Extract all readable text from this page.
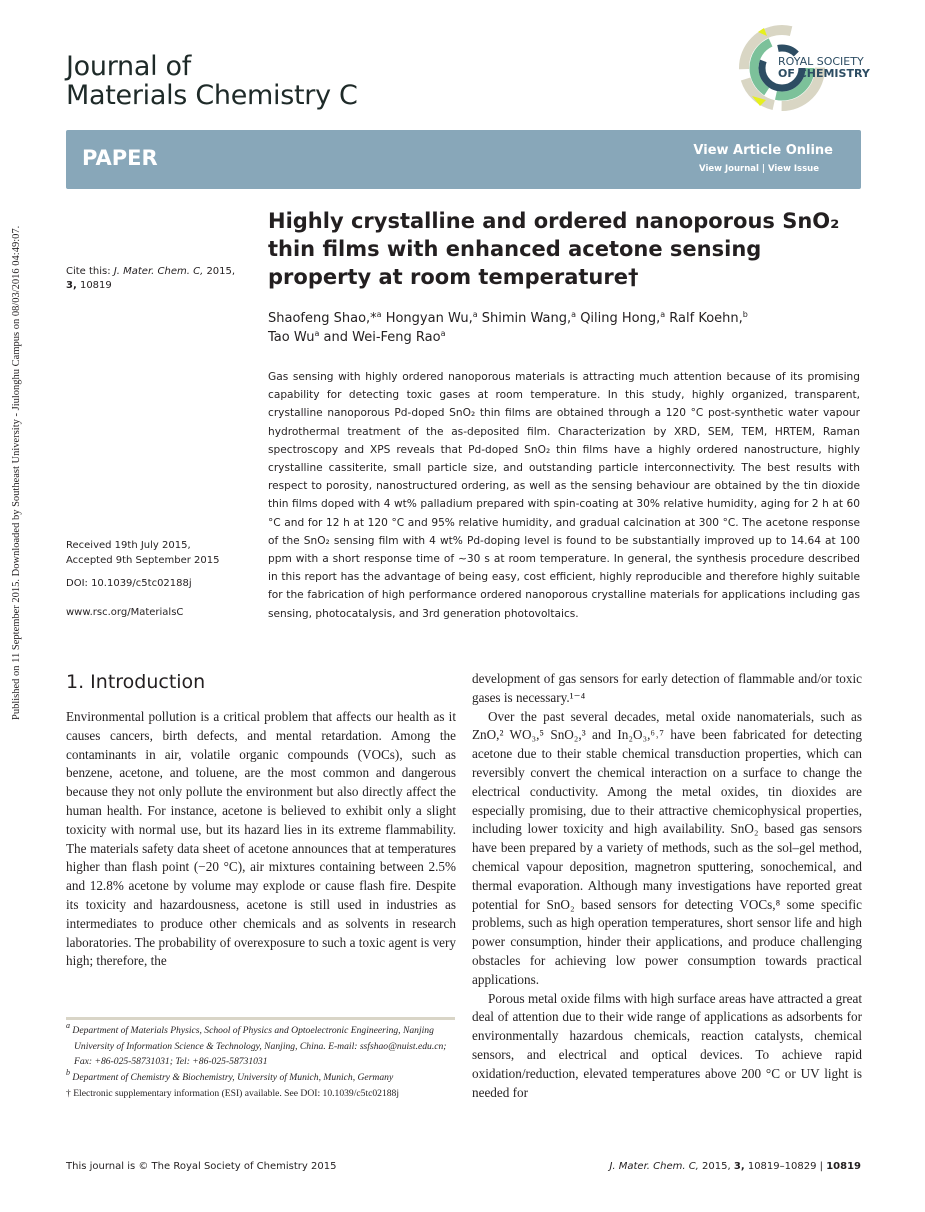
Published on 11 September 2015. Downloaded by Southeast University - Jiulonghu Campus on 08/03/2016 04:49:07.
Journal of
Materials Chemistry C
ROYAL SOCIETY
OF CHEMISTRY
PAPER	View Article Online
View Journal | View Issue
Cite this: J. Mater. Chem. C, 2015,
3, 10819
Received 19th July 2015,
Accepted 9th September 2015
DOI: 10.1039/c5tc02188j
www.rsc.org/MaterialsC
Highly crystalline and ordered nanoporous SnO₂ thin films with enhanced acetone sensing property at room temperature†
Shaofeng Shao,*$^a$ Hongyan Wu,$^a$ Shimin Wang,$^a$ Qiling Hong,$^a$ Ralf Koehn,$^b$
Tao Wu$^a$ and Wei-Feng Rao$^a$
Gas sensing with highly ordered nanoporous materials is attracting much attention because of its promising capability for detecting toxic gases at room temperature. In this study, highly organized, transparent, crystalline nanoporous Pd-doped SnO₂ thin films are obtained through a 120 °C post-synthetic water vapour hydrothermal treatment of the as-deposited film. Characterization by XRD, SEM, TEM, HRTEM, Raman spectroscopy and XPS reveals that Pd-doped SnO₂ thin films have a highly ordered nanostructure, highly crystalline cassiterite, small particle size, and outstanding particle interconnectivity. The best results with respect to porosity, nanostructured ordering, as well as the sensing behaviour are obtained by the tin dioxide thin films doped with 4 wt% palladium prepared with spin-coating at 30% relative humidity, aging for 2 h at 60 °C and for 12 h at 120 °C and 95% relative humidity, and gradual calcination at 300 °C. The acetone response of the SnO₂ sensing film with 4 wt% Pd-doping level is found to be substantially improved up to 14.64 at 100 ppm with a short response time of ∼30 s at room temperature. In general, the synthesis procedure described in this report has the advantage of being easy, cost efficient, highly reproducible and therefore highly suitable for the fabrication of high performance ordered nanoporous crystalline materials for applications including gas sensing, photocatalysis, and 3rd generation photovoltaics.
1. Introduction

Environmental pollution is a critical problem that affects our health as it causes cancers, birth defects, and mental retardation. Among the contaminants in air, volatile organic compounds (VOCs), such as benzene, acetone, and toluene, are the most common and dangerous because they not only pollute the environment but also directly affect the human health. For instance, acetone is believed to exhibit only a slight toxicity with normal use, but its hazard lies in its extreme flammability. The materials safety data sheet of acetone announces that at temperatures higher than flash point (−20 °C), air mixtures containing between 2.5% and 12.8% acetone by volume may explode or cause flash fire. Despite its toxicity and hazardousness, acetone is still used in industries as intermediates to produce other chemicals and as solvents in research laboratories. The probability of overexposure to such a toxic agent is very high; therefore, the

development of gas sensors for early detection of flammable and/or toxic gases is necessary.¹⁻⁴

Over the past several decades, metal oxide nanomaterials, such as ZnO,² WO₃,⁵ SnO₂,³ and In₂O₃,⁶˒⁷ have been fabricated for detecting acetone due to their stable chemical transduction properties, which can reversibly convert the chemical interaction on a surface to change the electrical conductivity. Among the metal oxides, tin dioxides are especially promising, due to their attractive chemicophysical properties, including lower toxicity and high availability. SnO₂ based gas sensors have been prepared by a variety of methods, such as the sol–gel method, chemical vapour deposition, magnetron sputtering, sonochemical, and thermal evaporation. Although many investigations have reported great potential for SnO₂ based sensors for detecting VOCs,⁸ some specific problems, such as high operation temperatures, short sensor life and high power consumption, hinder their applications, and produce challenging obstacles for achieving low power consumption towards practical applications.

Porous metal oxide films with high surface areas have attracted a great deal of attention due to their wide range of applications as adsorbents for environmentally hazardous chemicals, reaction catalysts, chemical sensors, and electrical and optical devices. To achieve rapid oxidation/reduction, elevated temperatures above 200 °C or UV light is needed for

$^a$ Department of Materials Physics, School of Physics and Optoelectronic Engineering, Nanjing University of Information Science & Technology, Nanjing, China. E-mail: ssfshao@nuist.edu.cn; Fax: +86-025-58731031; Tel: +86-025-58731031
$^b$ Department of Chemistry & Biochemistry, University of Munich, Munich, Germany
† Electronic supplementary information (ESI) available. See DOI: 10.1039/c5tc02188j
This journal is © The Royal Society of Chemistry 2015	J. Mater. Chem. C, 2015, 3, 10819–10829 | 10819
